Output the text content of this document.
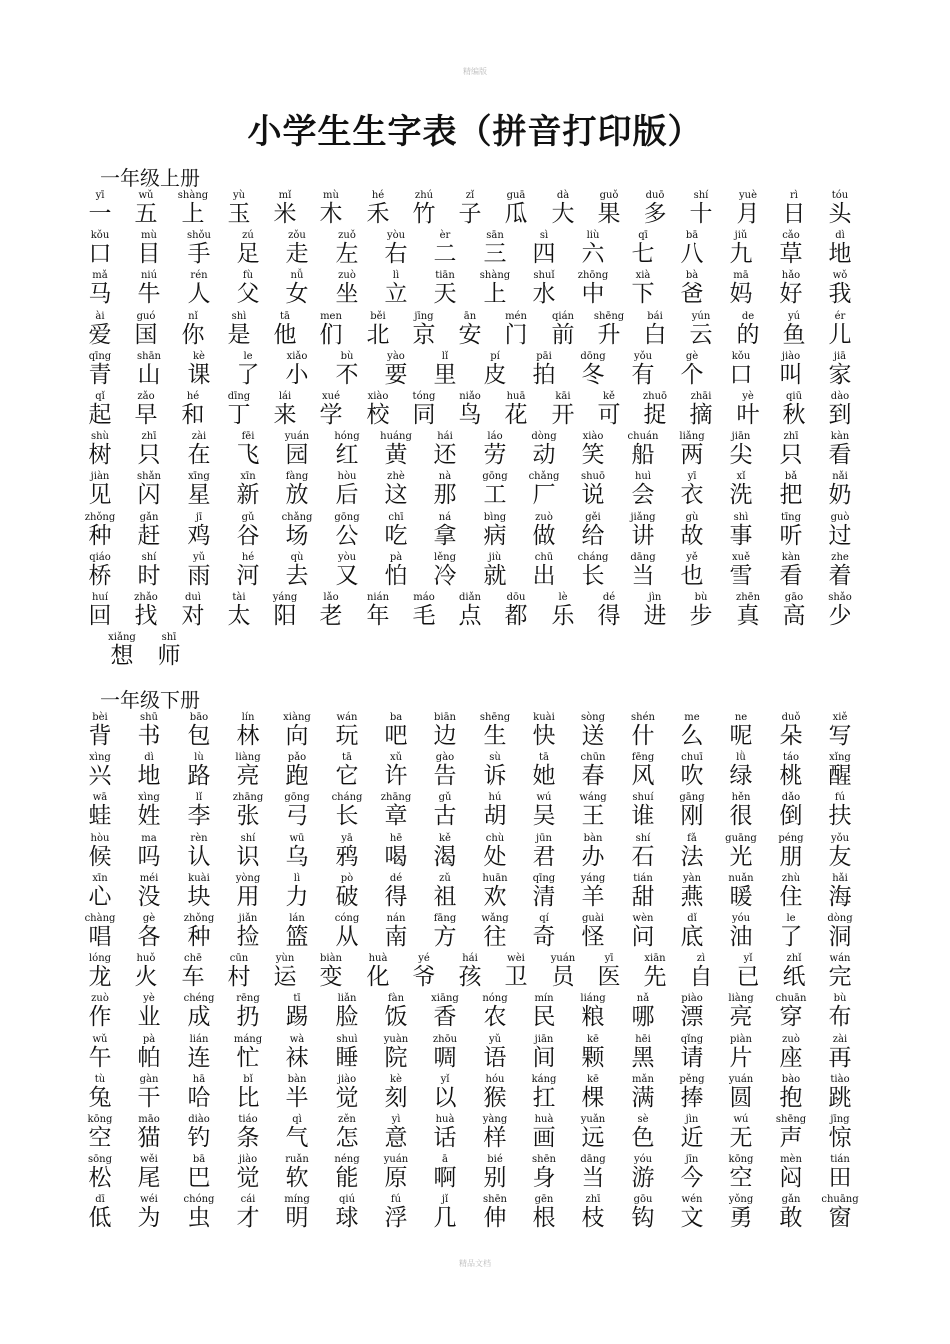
精编版
小学生生字表（拼音打印版）
一年级上册
yī
一
wǔ
五
shàng
上
yù
玉
mǐ
米
mù
木
hé
禾
zhú
竹
zǐ
子
guā
瓜
dà
大
guǒ
果
duō
多
shí
十
yuè
月
rì
日
tóu
头
kǒu
口
mù
目
shǒu
手
zú
足
zǒu
走
zuǒ
左
yòu
右
èr
二
sān
三
sì
四
liù
六
qī
七
bā
八
jiǔ
九
cǎo
草
dì
地
mǎ
马
niú
牛
rén
人
fù
父
nǚ
女
zuò
坐
lì
立
tiān
天
shàng
上
shuǐ
水
zhōng
中
xià
下
bà
爸
mā
妈
hǎo
好
wǒ
我
ài
爱
guó
国
nǐ
你
shì
是
tā
他
men
们
běi
北
jīng
京
ān
安
mén
门
qián
前
shēng
升
bái
白
yún
云
de
的
yú
鱼
ér
儿
qīng
青
shān
山
kè
课
le
了
xiǎo
小
bù
不
yào
要
lǐ
里
pí
皮
pāi
拍
dōng
冬
yǒu
有
gè
个
kǒu
口
jiào
叫
jiā
家
qǐ
起
zǎo
早
hé
和
dīng
丁
lái
来
xué
学
xiào
校
tóng
同
niǎo
鸟
huā
花
kāi
开
kě
可
zhuō
捉
zhāi
摘
yè
叶
qiū
秋
dào
到
shù
树
zhī
只
zài
在
fēi
飞
yuán
园
hóng
红
huáng
黄
hái
还
láo
劳
dòng
动
xiào
笑
chuán
船
liǎng
两
jiān
尖
zhī
只
kàn
看
jiàn
见
shǎn
闪
xīng
星
xīn
新
fàng
放
hòu
后
zhè
这
nà
那
gōng
工
chǎng
厂
shuō
说
huì
会
yī
衣
xǐ
洗
bǎ
把
nǎi
奶
zhǒng
种
gǎn
赶
jī
鸡
gǔ
谷
chǎng
场
gōng
公
chī
吃
ná
拿
bìng
病
zuò
做
gěi
给
jiǎng
讲
gù
故
shì
事
tīng
听
guò
过
qiáo
桥
shí
时
yǔ
雨
hé
河
qù
去
yòu
又
pà
怕
lěng
冷
jiù
就
chū
出
cháng
长
dāng
当
yě
也
xuě
雪
kàn
看
zhe
着
huí
回
zhǎo
找
duì
对
tài
太
yáng
阳
lǎo
老
nián
年
máo
毛
diǎn
点
dōu
都
lè
乐
dé
得
jìn
进
bù
步
zhēn
真
gāo
高
shǎo
少
xiǎng
想
shī
师
一年级下册
bèi
背
shū
书
bāo
包
lín
林
xiàng
向
wán
玩
ba
吧
biān
边
shēng
生
kuài
快
sòng
送
shén
什
me
么
ne
呢
duǒ
朵
xiě
写
xìng
兴
dì
地
lù
路
liàng
亮
pǎo
跑
tā
它
xǔ
许
gào
告
sù
诉
tā
她
chūn
春
fēng
风
chuī
吹
lǜ
绿
táo
桃
xǐng
醒
wā
蛙
xìng
姓
lǐ
李
zhāng
张
gōng
弓
cháng
长
zhāng
章
gǔ
古
hú
胡
wú
吴
wáng
王
shuí
谁
gāng
刚
hěn
很
dǎo
倒
fú
扶
hòu
候
ma
吗
rèn
认
shí
识
wū
乌
yā
鸦
hē
喝
kě
渴
chù
处
jūn
君
bàn
办
shí
石
fǎ
法
guāng
光
péng
朋
yǒu
友
xīn
心
méi
没
kuài
块
yòng
用
lì
力
pò
破
dé
得
zǔ
祖
huān
欢
qīng
清
yáng
羊
tián
甜
yàn
燕
nuǎn
暖
zhù
住
hǎi
海
chàng
唱
gè
各
zhǒng
种
jiǎn
捡
lán
篮
cóng
从
nán
南
fāng
方
wǎng
往
qí
奇
guài
怪
wèn
问
dǐ
底
yóu
油
le
了
dòng
洞
lóng
龙
huǒ
火
chē
车
cūn
村
yùn
运
biàn
变
huà
化
yé
爷
hái
孩
wèi
卫
yuán
员
yī
医
xiān
先
zì
自
yǐ
已
zhǐ
纸
wán
完
zuò
作
yè
业
chéng
成
rēng
扔
tī
踢
liǎn
脸
fàn
饭
xiāng
香
nóng
农
mín
民
liáng
粮
nǎ
哪
piào
漂
liàng
亮
chuān
穿
bù
布
wǔ
午
pà
帕
lián
连
máng
忙
wà
袜
shuì
睡
yuàn
院
zhōu
啁
yǔ
语
jiān
间
kē
颗
hēi
黑
qǐng
请
piàn
片
zuò
座
zài
再
tù
兔
gàn
干
hā
哈
bǐ
比
bàn
半
jiào
觉
kè
刻
yǐ
以
hóu
猴
káng
扛
kē
棵
mǎn
满
pěng
捧
yuán
圆
bào
抱
tiào
跳
kōng
空
māo
猫
diào
钓
tiáo
条
qì
气
zěn
怎
yì
意
huà
话
yàng
样
huà
画
yuǎn
远
sè
色
jìn
近
wú
无
shēng
声
jīng
惊
sōng
松
wěi
尾
bā
巴
jiào
觉
ruǎn
软
néng
能
yuán
原
ā
啊
bié
别
shēn
身
dāng
当
yóu
游
jīn
今
kōng
空
mèn
闷
tián
田
dī
低
wéi
为
chóng
虫
cái
才
míng
明
qiú
球
fú
浮
jǐ
几
shēn
伸
gēn
根
zhī
枝
gōu
钩
wén
文
yǒng
勇
gǎn
敢
chuāng
窗
精品文档
